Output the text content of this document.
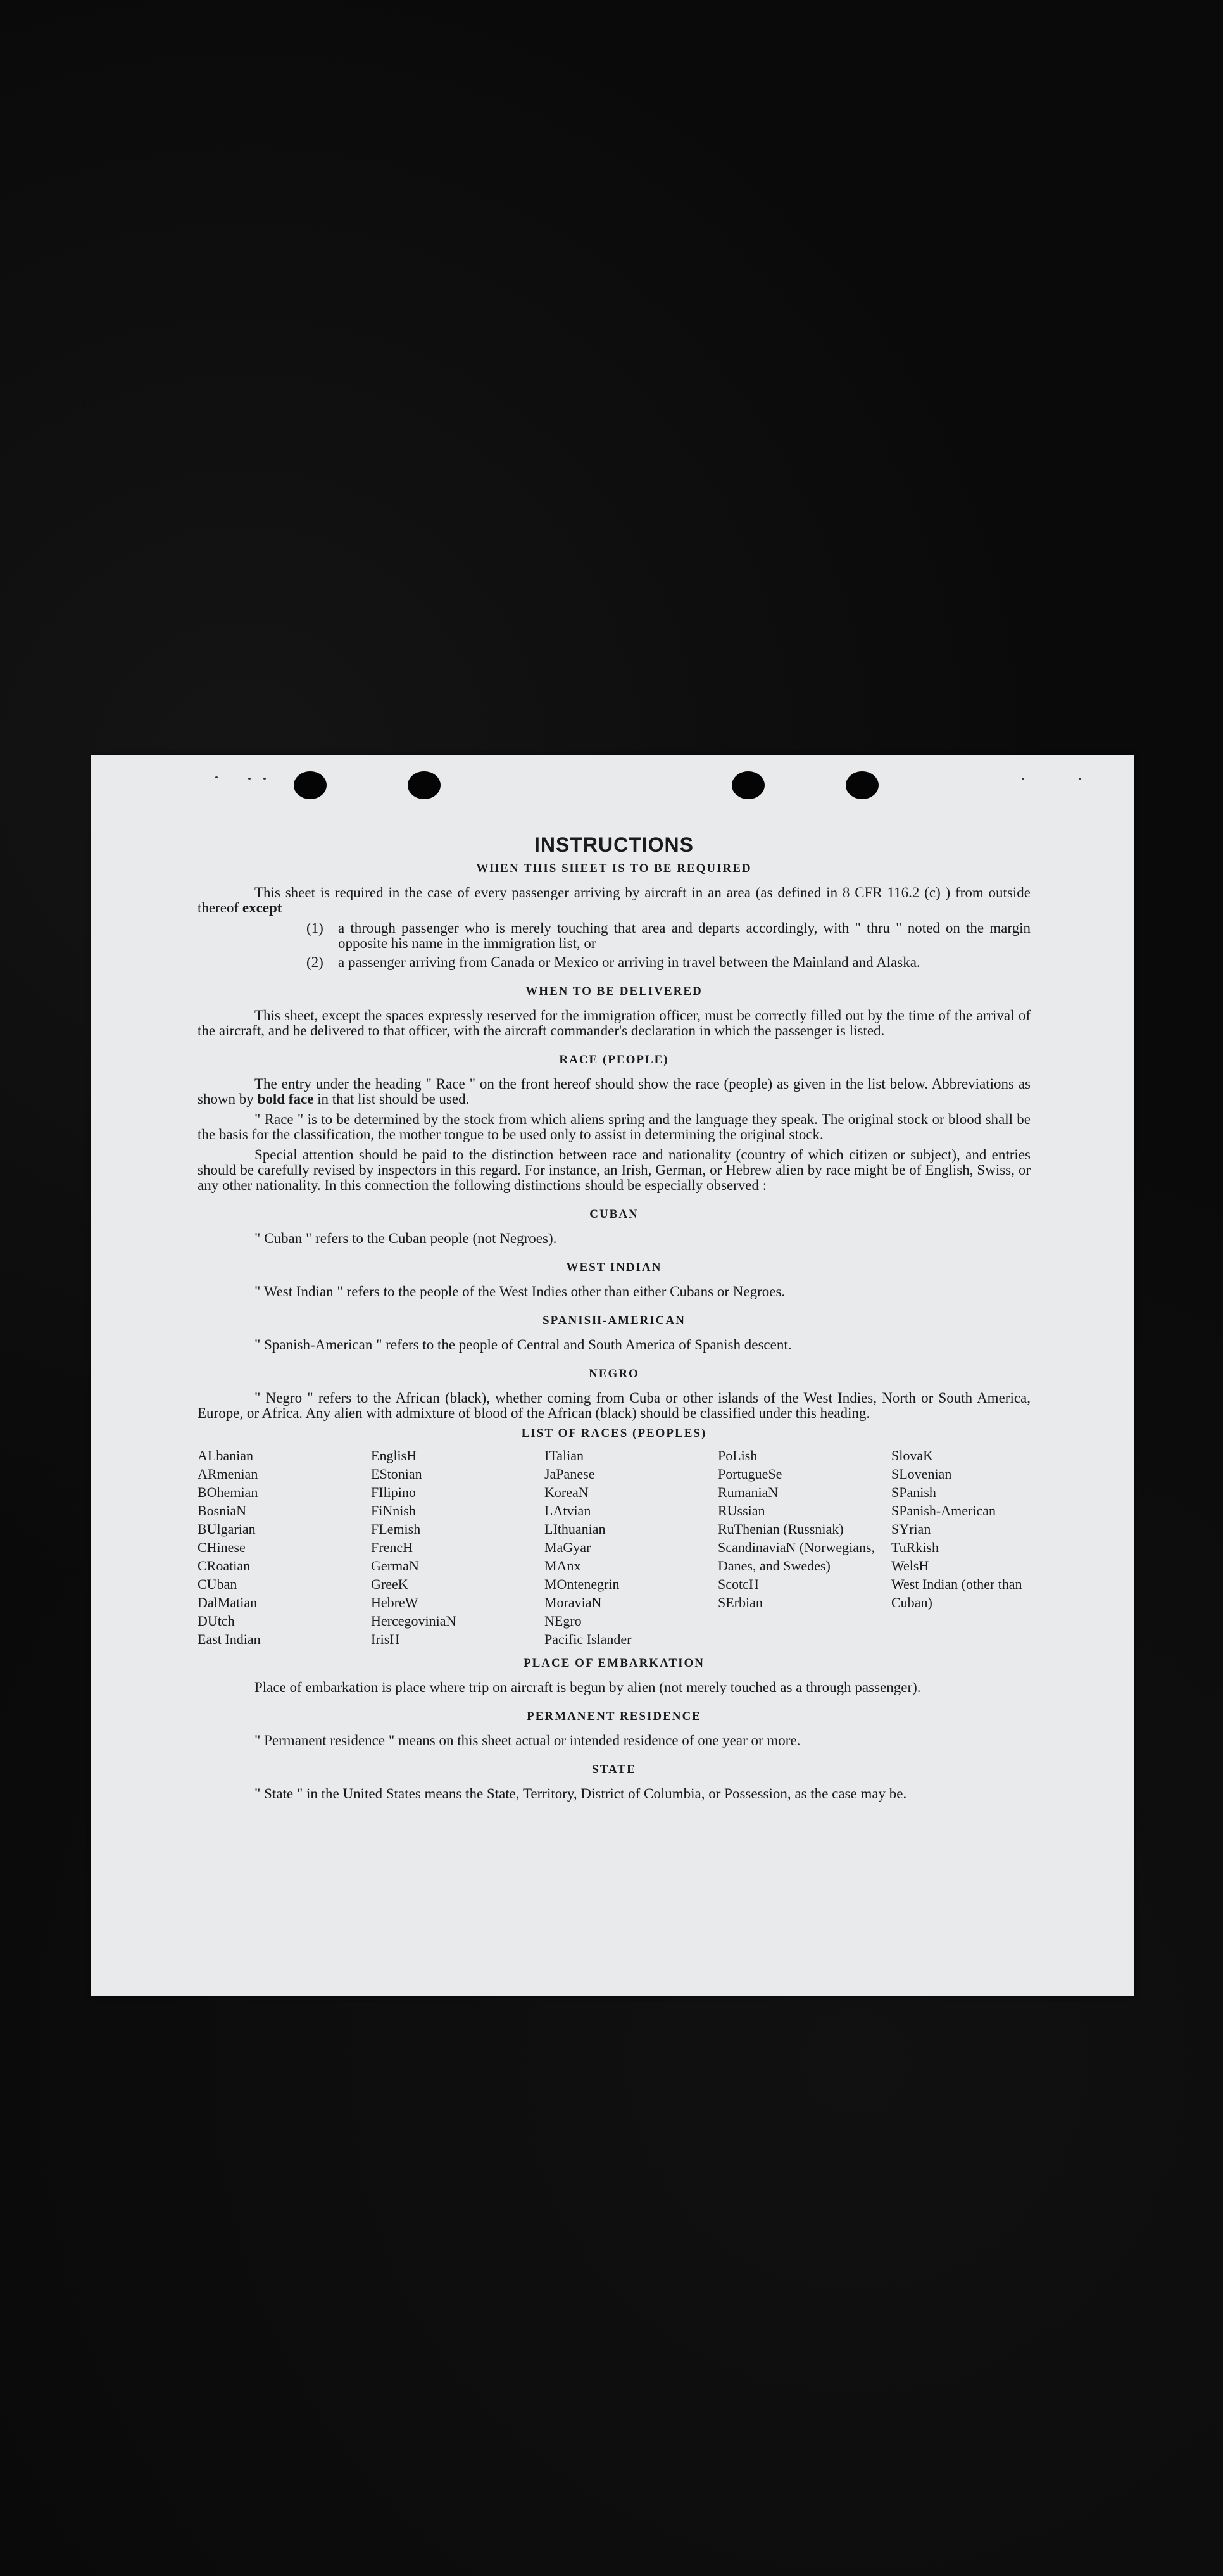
INSTRUCTIONS
WHEN THIS SHEET IS TO BE REQUIRED

This sheet is required in the case of every passenger arriving by aircraft in an area (as defined in 8 CFR 116.2 (c) ) from outside thereof except

(1)	a through passenger who is merely touching that area and departs accordingly, with " thru " noted on the margin opposite his name in the immigration list, or
(2)	a passenger arriving from Canada or Mexico or arriving in travel between the Mainland and Alaska.
WHEN TO BE DELIVERED

This sheet, except the spaces expressly reserved for the immigration officer, must be correctly filled out by the time of the arrival of the aircraft, and be delivered to that officer, with the aircraft commander's declaration in which the passenger is listed.

RACE (PEOPLE)

The entry under the heading " Race " on the front hereof should show the race (people) as given in the list below. Abbreviations as shown by bold face in that list should be used.

" Race " is to be determined by the stock from which aliens spring and the language they speak. The original stock or blood shall be the basis for the classification, the mother tongue to be used only to assist in determining the original stock.

Special attention should be paid to the distinction between race and nationality (country of which citizen or subject), and entries should be carefully revised by inspectors in this regard. For instance, an Irish, German, or Hebrew alien by race might be of English, Swiss, or any other nationality. In this connection the following distinctions should be especially observed :

CUBAN

" Cuban " refers to the Cuban people (not Negroes).

WEST INDIAN

" West Indian " refers to the people of the West Indies other than either Cubans or Negroes.

SPANISH-AMERICAN

" Spanish-American " refers to the people of Central and South America of Spanish descent.

NEGRO

" Negro " refers to the African (black), whether coming from Cuba or other islands of the West Indies, North or South America, Europe, or Africa. Any alien with admixture of blood of the African (black) should be classified under this heading.

LIST OF RACES (PEOPLES)
ALbanian
ARmenian
BOhemian
BosniaN
BUlgarian
CHinese
CRoatian
CUban
DalMatian
DUtch
East Indian
EnglisH
EStonian
FIlipino
FiNnish
FLemish
FrencH
GermaN
GreeK
HebreW
HercegoviniaN
IrisH
ITalian
JaPanese
KoreaN
LAtvian
LIthuanian
MaGyar
MAnx
MOntenegrin
MoraviaN
NEgro
Pacific Islander
PoLish
PortugueSe
RumaniaN
RUssian
RuThenian (Russniak)
ScandinaviaN (Norwegians, Danes, and Swedes)
ScotcH
SErbian
SlovaK
SLovenian
SPanish
SPanish-American
SYrian
TuRkish
WelsH
West Indian (other than Cuban)
PLACE OF EMBARKATION

Place of embarkation is place where trip on aircraft is begun by alien (not merely touched as a through passenger).

PERMANENT RESIDENCE

" Permanent residence " means on this sheet actual or intended residence of one year or more.

STATE

" State " in the United States means the State, Territory, District of Columbia, or Possession, as the case may be.
